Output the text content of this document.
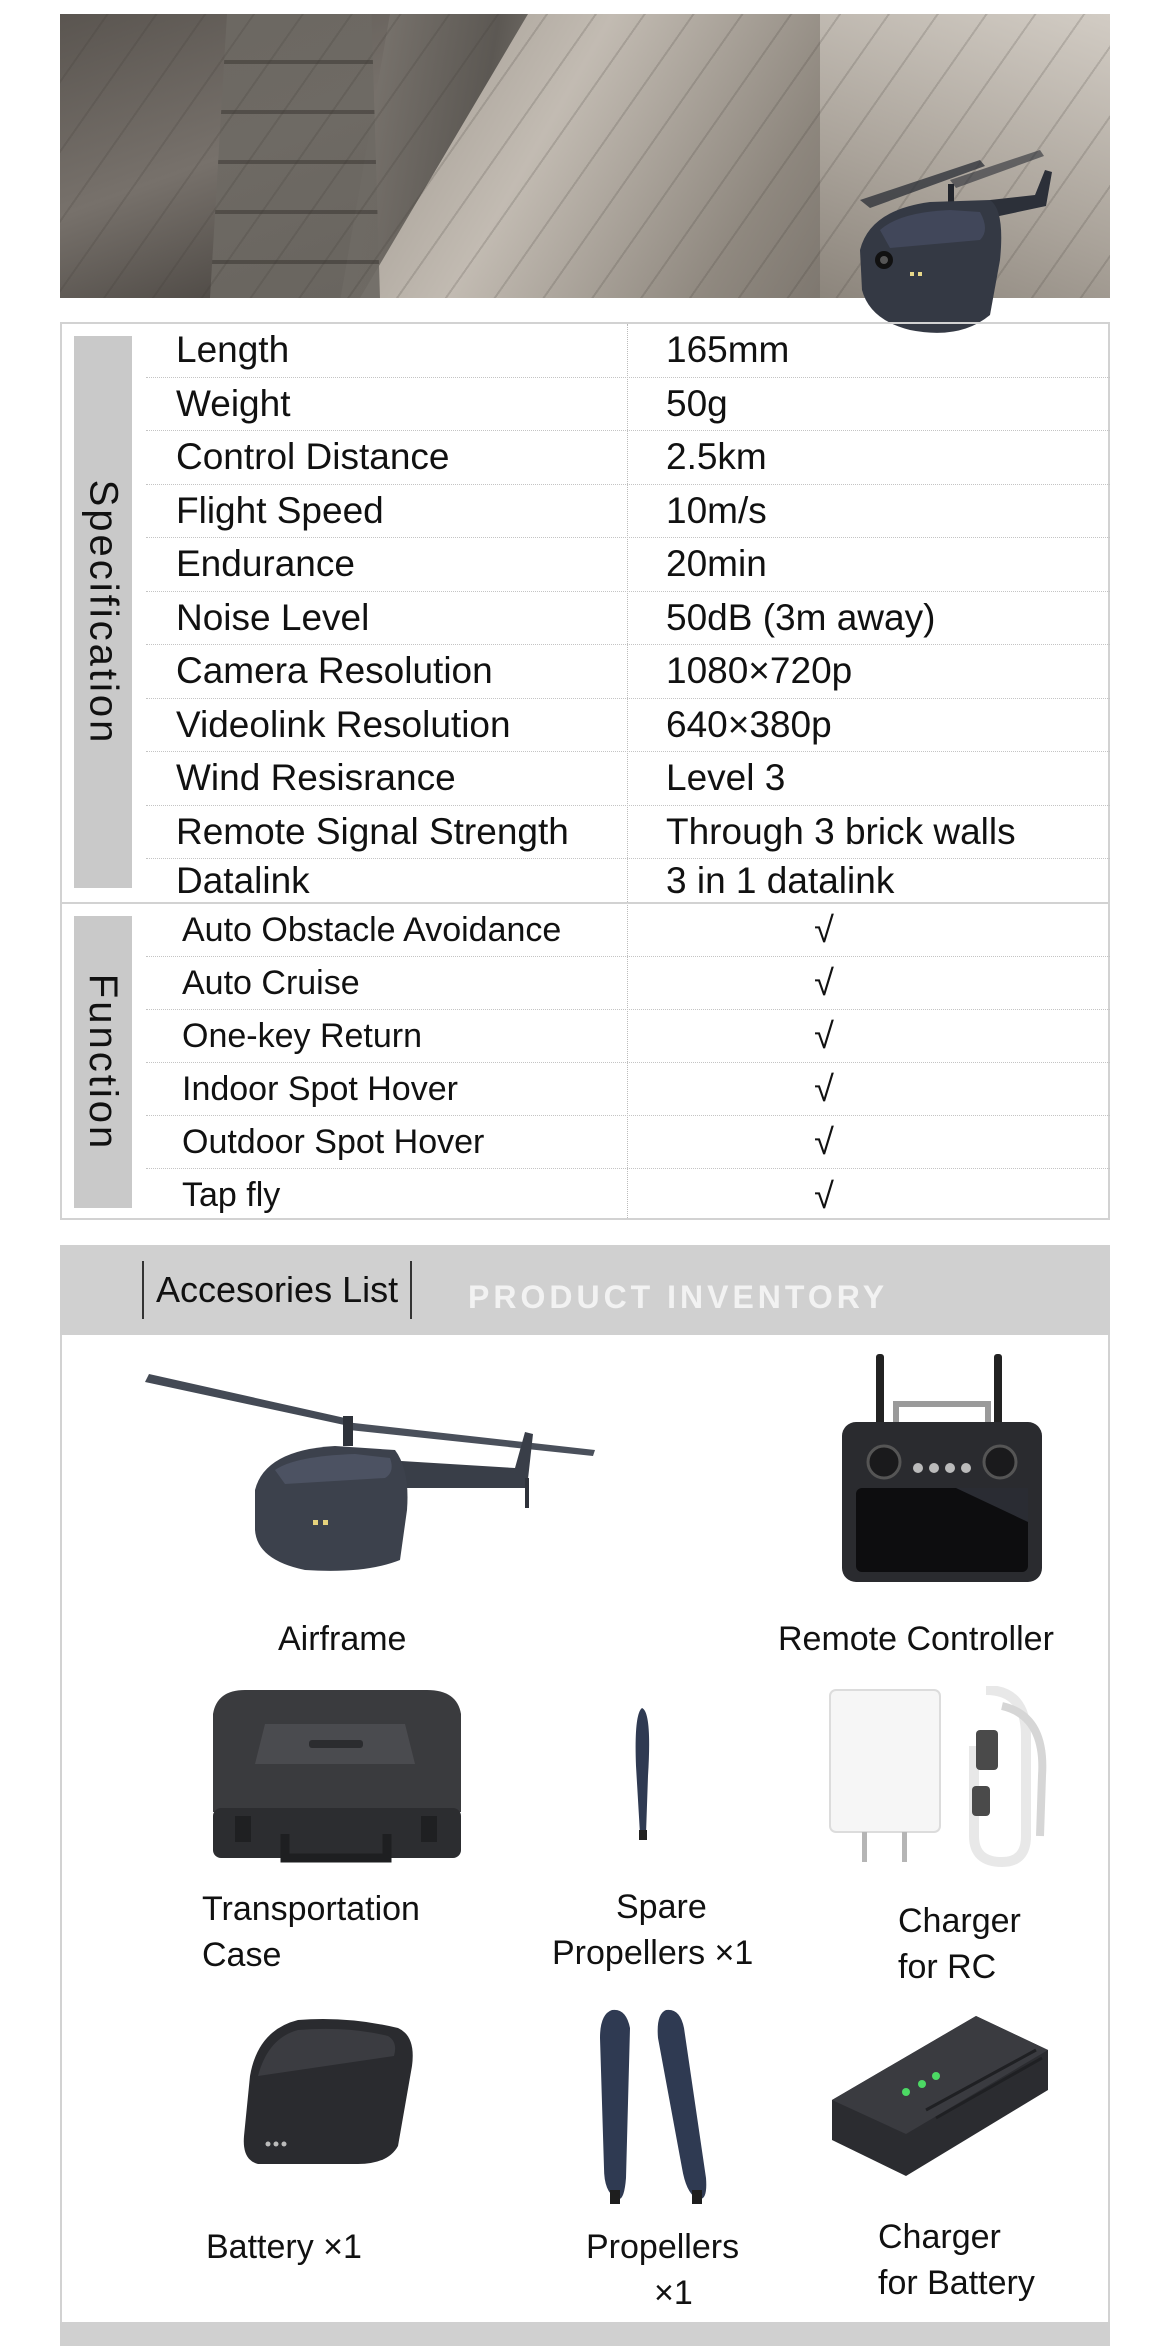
Specification
Function
Length	165mm
Weight	50g
Control Distance	2.5km
Flight Speed	10m/s
Endurance	20min
Noise Level	50dB (3m away)
Camera Resolution	1080×720p
Videolink Resolution	640×380p
Wind Resisrance	Level 3
Remote Signal Strength	Through 3 brick walls
Datalink	3 in 1 datalink
Auto Obstacle Avoidance	√
Auto Cruise	√
One-key Return	√
Indoor Spot Hover	√
Outdoor Spot Hover	√
Tap fly	√
Accesories List	PRODUCT INVENTORY
Airframe	Remote Controller
Transportation
Case
Spare
Propellers ×1
Charger
for RC
Battery ×1	Propellers
×1
Charger
for Battery
